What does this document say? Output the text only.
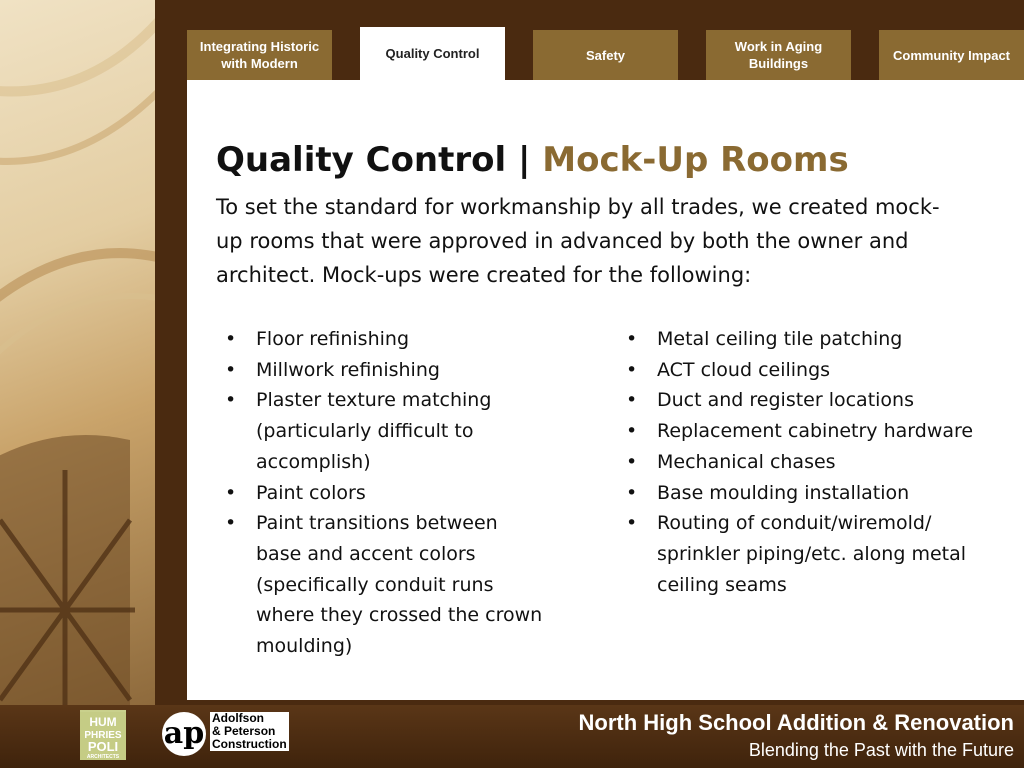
Integrating Historic with Modern
Quality Control	Safety
Work in Aging Buildings
Community Impact
Quality Control | Mock-Up Rooms
To set the standard for workmanship by all trades, we created mock-up rooms that were approved in advanced by both the owner and architect. Mock-ups were created for the following:
• Floor refinishing
• Millwork refinishing
• Plaster texture matching (particularly difficult to accomplish)
• Paint colors
• Paint transitions between base and accent colors (specifically conduit runs where they crossed the crown moulding)
• Metal ceiling tile patching
• ACT cloud ceilings
• Duct and register locations
• Replacement cabinetry hardware
• Mechanical chases
• Base moulding installation
• Routing of conduit/wiremold/ sprinkler piping/etc. along metal ceiling seams
HUM
PHRIES
POLI
ARCHITECTS
ap Adolfson
& Peterson
Construction
North High School Addition & Renovation
Blending the Past with the Future
